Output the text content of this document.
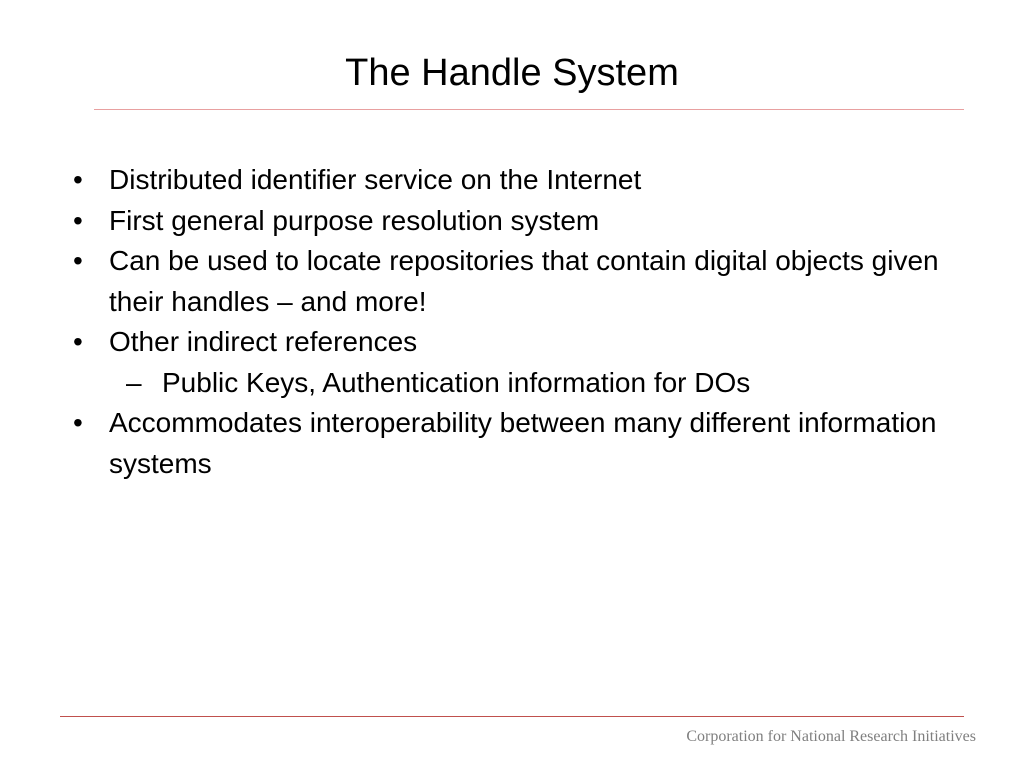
The Handle System
• Distributed identifier service on the Internet
• First general purpose resolution system
• Can be used to locate repositories that contain digital objects given their handles – and more!
• Other indirect references
– Public Keys, Authentication information for DOs
• Accommodates interoperability between many different information systems
Corporation for National Research Initiatives
